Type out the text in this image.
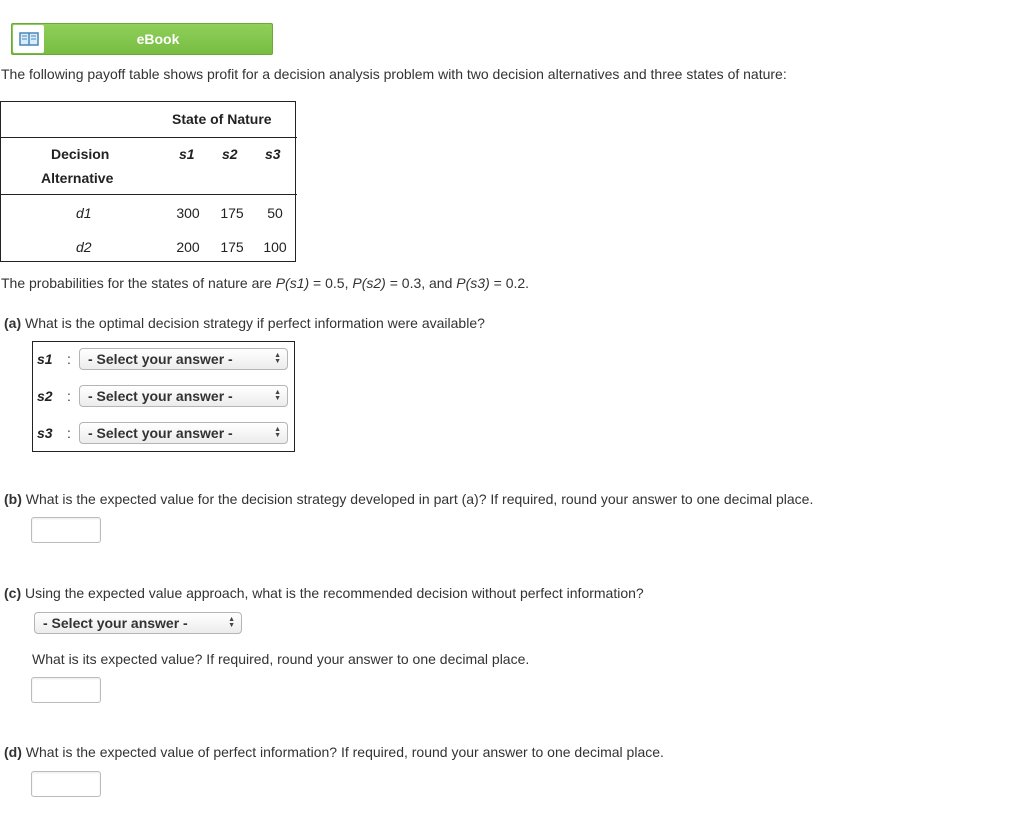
eBook
The following payoff table shows profit for a decision analysis problem with two decision alternatives and three states of nature:
State of Nature
Decision
Alternative
s1 s2 s3
d1	300	175	50
d2	200	175	100
The probabilities for the states of nature are P(s1) = 0.5, P(s2) = 0.3, and P(s3) = 0.2.
(a) What is the optimal decision strategy if perfect information were available?
s1	:	- Select your answer -	▲
▼
s2	:	- Select your answer -	▲
▼
s3	:	- Select your answer -	▲
▼
(b) What is the expected value for the decision strategy developed in part (a)? If required, round your answer to one decimal place.
(c) Using the expected value approach, what is the recommended decision without perfect information?
- Select your answer -	▲
▼
What is its expected value? If required, round your answer to one decimal place.
(d) What is the expected value of perfect information? If required, round your answer to one decimal place.
